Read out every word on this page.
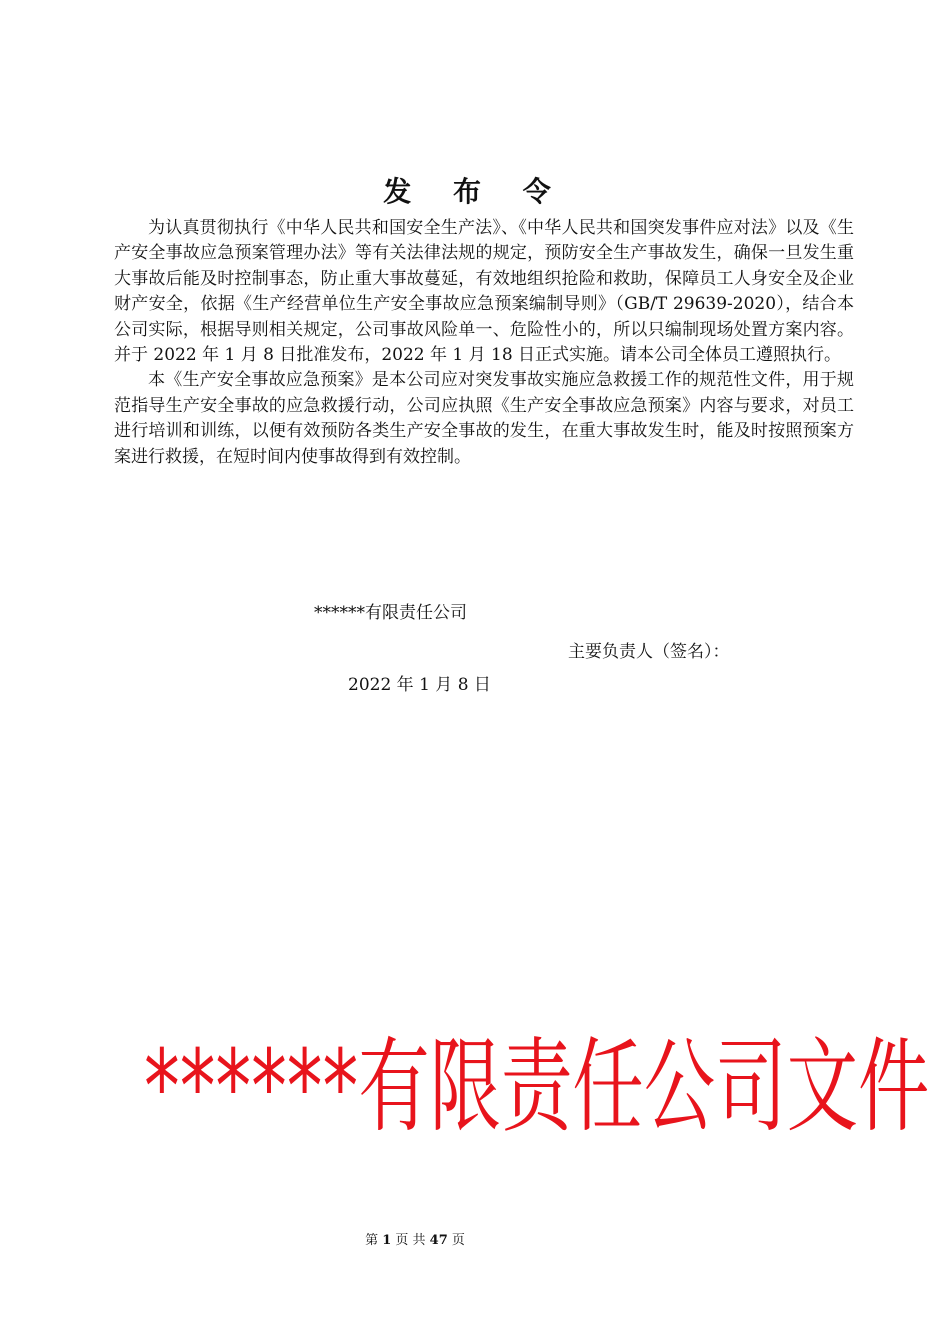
发 布 令

为认真贯彻执行《中华人民共和国安全生产法》、《中华人民共和国突发事件应对法》以及《生产安全事故应急预案管理办法》等有关法律法规的规定，预防安全生产事故发生，确保一旦发生重大事故后能及时控制事态，防止重大事故蔓延，有效地组织抢险和救助，保障员工人身安全及企业财产安全，依据《生产经营单位生产安全事故应急预案编制导则》（GB/T 29639-2020），结合本公司实际，根据导则相关规定，公司事故风险单一、危险性小的，所以只编制现场处置方案内容。并于 2022 年 1 月 8 日批准发布，2022 年 1 月 18 日正式实施。请本公司全体员工遵照执行。

本《生产安全事故应急预案》是本公司应对突发事故实施应急救援工作的规范性文件，用于规范指导生产安全事故的应急救援行动，公司应执照《生产安全事故应急预案》内容与要求，对员工进行培训和训练，以便有效预防各类生产安全事故的发生，在重大事故发生时，能及时按照预案方案进行救援，在短时间内使事故得到有效控制。

******有限责任公司
主要负责人（签名）：
2022 年 1 月 8 日
******有限责任公司文件
第 1 页 共 47 页
